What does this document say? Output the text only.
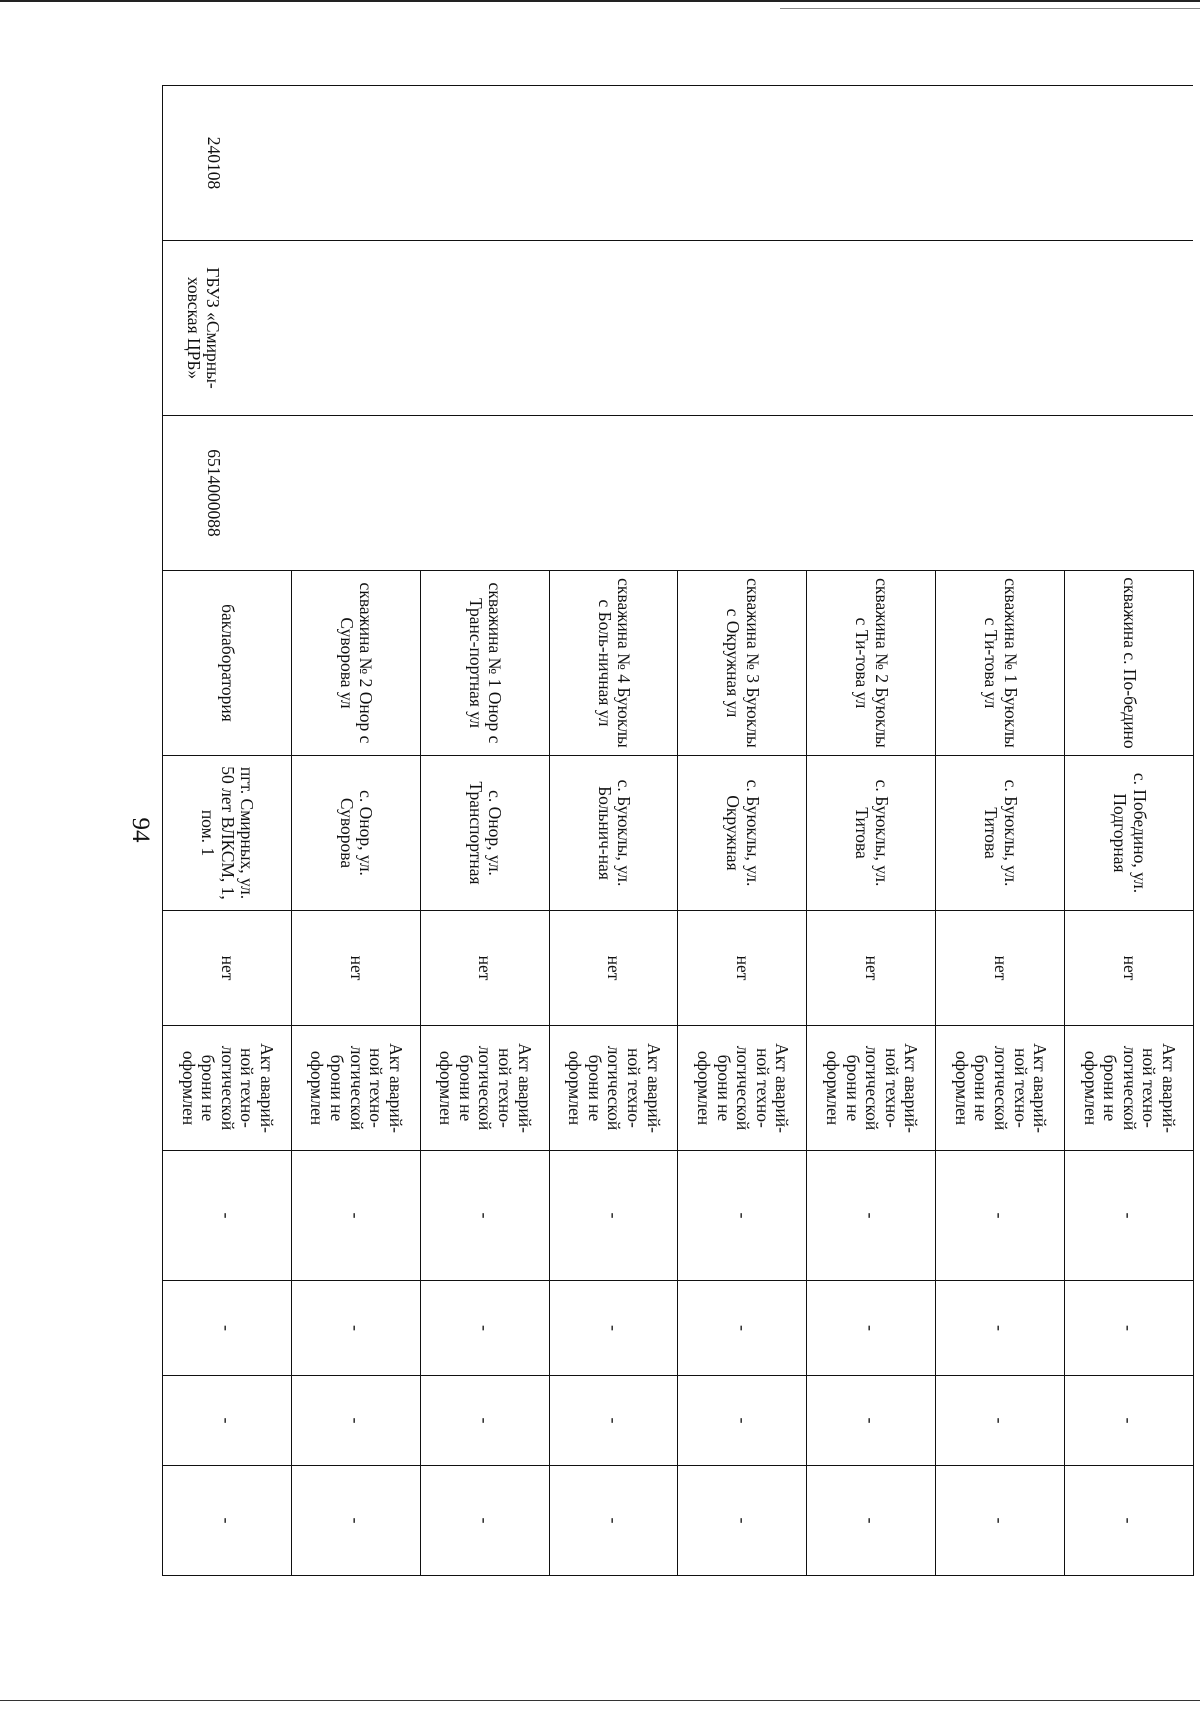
94
240108	ГБУЗ «Смирны-ховская ЦРБ»	6514000088	скважина с. По-бедино	с. Победино, ул. Подгорная	нет	Акт аварий-ной техно-логической брони не оформлен	-	-	-	-
			скважина № 1 Буюклы с Ти-това ул	с. Буюклы, ул. Титова	нет	Акт аварий-ной техно-логической брони не оформлен	-	-	-	-
			скважина № 2 Буюклы с Ти-това ул	с. Буюклы, ул. Титова	нет	Акт аварий-ной техно-логической брони не оформлен	-	-	-	-
			скважина № 3 Буюклы с Окружная ул	с. Буюклы, ул. Окружная	нет	Акт аварий-ной техно-логической брони не оформлен	-	-	-	-
			скважина № 4 Буюклы с Боль-ничная ул	с. Буюклы, ул. Больнич-ная	нет	Акт аварий-ной техно-логической брони не оформлен	-	-	-	-
			скважина № 1 Онор с Транс-портная ул	с. Онор, ул. Транспортная	нет	Акт аварий-ной техно-логической брони не оформлен	-	-	-	-
			скважина № 2 Онор с Суворова ул	с. Онор, ул. Суворова	нет	Акт аварий-ной техно-логической брони не оформлен	-	-	-	-
			баклаборатория	пгт. Смирных, ул. 50 лет ВЛКСМ, 1, пом. 1	нет	Акт аварий-ной техно-логической брони не оформлен	-	-	-	-
